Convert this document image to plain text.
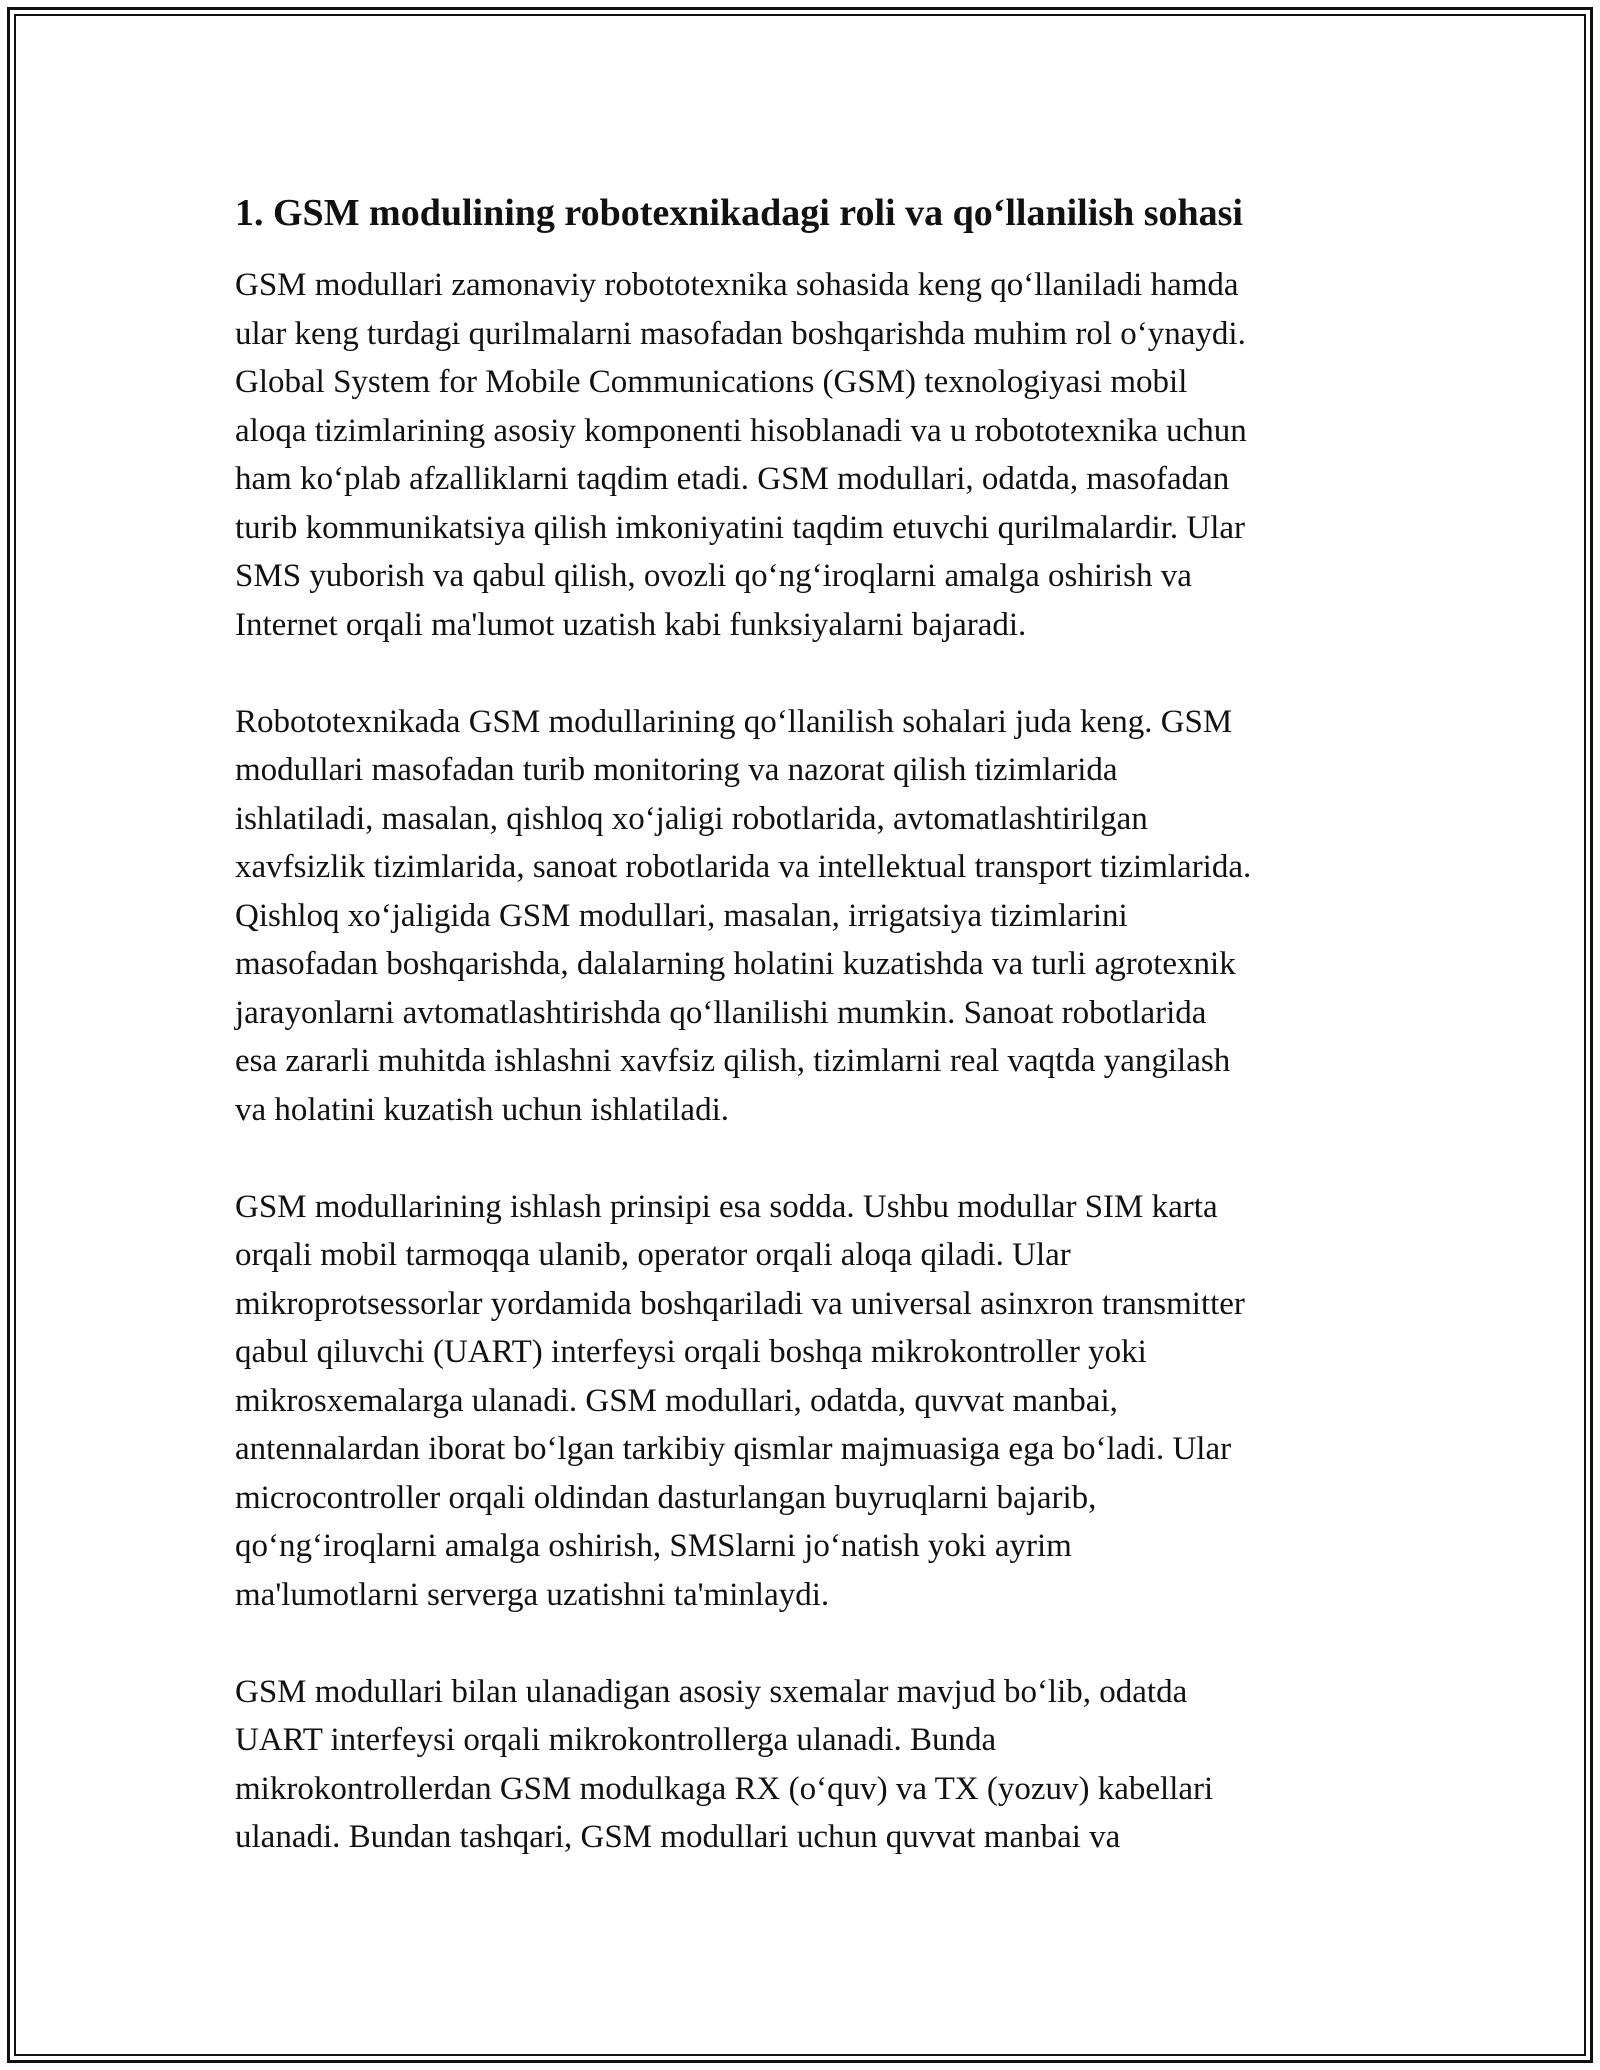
1. GSM modulining robotexnikadagi roli va qo‘llanilish sohasi

GSM modullari zamonaviy robototexnika sohasida keng qo‘llaniladi hamda
ular keng turdagi qurilmalarni masofadan boshqarishda muhim rol o‘ynaydi.
Global System for Mobile Communications (GSM) texnologiyasi mobil
aloqa tizimlarining asosiy komponenti hisoblanadi va u robototexnika uchun
ham ko‘plab afzalliklarni taqdim etadi. GSM modullari, odatda, masofadan
turib kommunikatsiya qilish imkoniyatini taqdim etuvchi qurilmalardir. Ular
SMS yuborish va qabul qilish, ovozli qo‘ng‘iroqlarni amalga oshirish va
Internet orqali ma'lumot uzatish kabi funksiyalarni bajaradi.

Robototexnikada GSM modullarining qo‘llanilish sohalari juda keng. GSM
modullari masofadan turib monitoring va nazorat qilish tizimlarida
ishlatiladi, masalan, qishloq xo‘jaligi robotlarida, avtomatlashtirilgan
xavfsizlik tizimlarida, sanoat robotlarida va intellektual transport tizimlarida.
Qishloq xo‘jaligida GSM modullari, masalan, irrigatsiya tizimlarini
masofadan boshqarishda, dalalarning holatini kuzatishda va turli agrotexnik
jarayonlarni avtomatlashtirishda qo‘llanilishi mumkin. Sanoat robotlarida
esa zararli muhitda ishlashni xavfsiz qilish, tizimlarni real vaqtda yangilash
va holatini kuzatish uchun ishlatiladi.

GSM modullarining ishlash prinsipi esa sodda. Ushbu modullar SIM karta
orqali mobil tarmoqqa ulanib, operator orqali aloqa qiladi. Ular
mikroprotsessorlar yordamida boshqariladi va universal asinxron transmitter
qabul qiluvchi (UART) interfeysi orqali boshqa mikrokontroller yoki
mikrosxemalarga ulanadi. GSM modullari, odatda, quvvat manbai,
antennalardan iborat bo‘lgan tarkibiy qismlar majmuasiga ega bo‘ladi. Ular
microcontroller orqali oldindan dasturlangan buyruqlarni bajarib,
qo‘ng‘iroqlarni amalga oshirish, SMSlarni jo‘natish yoki ayrim
ma'lumotlarni serverga uzatishni ta'minlaydi.

GSM modullari bilan ulanadigan asosiy sxemalar mavjud bo‘lib, odatda
UART interfeysi orqali mikrokontrollerga ulanadi. Bunda
mikrokontrollerdan GSM modulkaga RX (o‘quv) va TX (yozuv) kabellari
ulanadi. Bundan tashqari, GSM modullari uchun quvvat manbai va
